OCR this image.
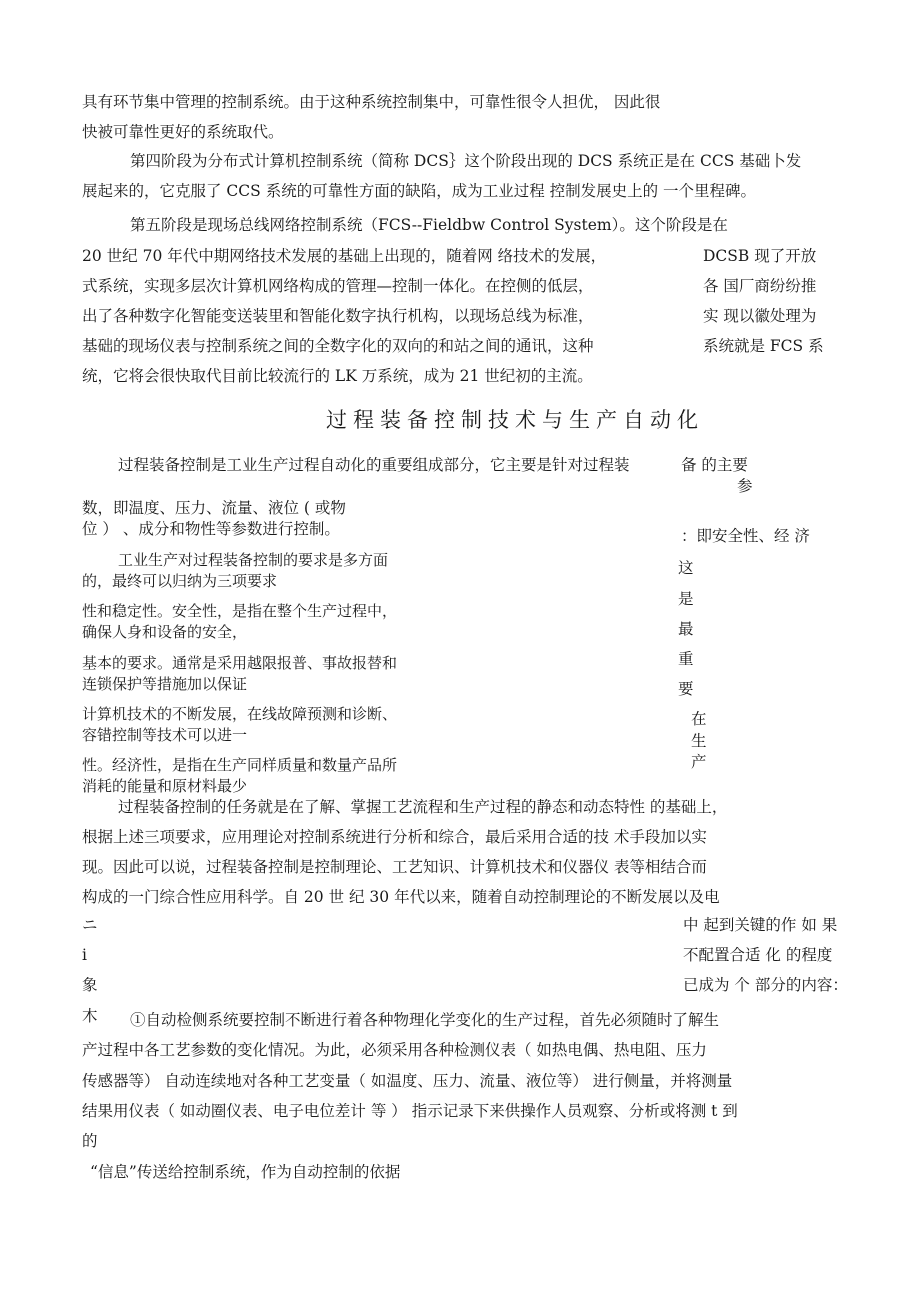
具有环节集中管理的控制系统。由于这种系统控制集中，可靠性很令人担优， 因此很
快被可靠性更好的系统取代。
第四阶段为分布式计算机控制系统（简称 DCS｝这个阶段出现的 DCS 系统正是在 CCS 基础卜发
展起来的，它克服了 CCS 系统的可靠性方面的缺陷，成为工业过程 控制发展史上的 一个里程碑。
第五阶段是现场总线网络控制系统（FCS--Fieldbw Control System）。这个阶段是在
20 世纪 70 年代中期网络技术发展的基础上出现的，随着网 络技术的发展，
式系统，实现多层次计算机网络构成的管理—控制一体化。在控侧的低层，
出了各种数字化智能变送装里和智能化数字执行机构，以现场总线为标准，
基础的现场仪表与控制系统之间的全数字化的双向的和站之间的通讯，这种
统，它将会很快取代目前比较流行的 LK 万系统，成为 21 世纪初的主流。
DCSB 现了开放
各 国厂商纷纷推
实 现以徽处理为
系统就是 FCS 系
过程装备控制技术与生产自动化
过程装备控制是工业生产过程自动化的重要组成部分，它主要是针对过程装	备 的主要
参
数，即温度、压力、流量、液位 ( 或物
位 ） 、成分和物性等参数进行控制。	：即安全性、经 济
工业生产对过程装备控制的要求是多方面
的，最终可以归纳为三项要求
性和稳定性。安全性，是指在整个生产过程中，
确保人身和设备的安全，
基本的要求。通常是采用越限报普、事故报替和
连锁保护等措施加以保证
计算机技术的不断发展，在线故障预测和诊断、
容错控制等技术可以进一
性。经济性，是指在生产同样质量和数量产品所
消耗的能量和原材料最少
这
是
最
重
要
在
生
产
过程装备控制的任务就是在了解、掌握工艺流程和生产过程的静态和动态特性 的基础上，
根据上述三项要求，应用理论对控制系统进行分析和综合，最后采用合适的技 术手段加以实
现。因此可以说，过程装备控制是控制理论、工艺知识、计算机技术和仪器仪 表等相结合而
构成的一门综合性应用科学。自 20 世 纪 30 年代以来，随着自动控制理论的不断发展以及电
中 起到关键的作 如 果
不配置合适 化 的程度
已成为 个 部分的内容：
ニ
і
象
木 ①自动检侧系统要控制不断进行着各种物理化学变化的生产过程，首先必须随时了解生
产过程中各工艺参数的变化情况。为此，必须采用各种检测仪表（ 如热电偶、热电阻、压力
传感器等） 自动连续地对各种工艺变量（ 如温度、压力、流量、液位等） 进行侧量，并将测量
结果用仪表（ 如动圈仪表、电子电位差计 等 ） 指示记录下来供操作人员观察、分析或将测 t 到
的
“信息”传送给控制系统，作为自动控制的依据
